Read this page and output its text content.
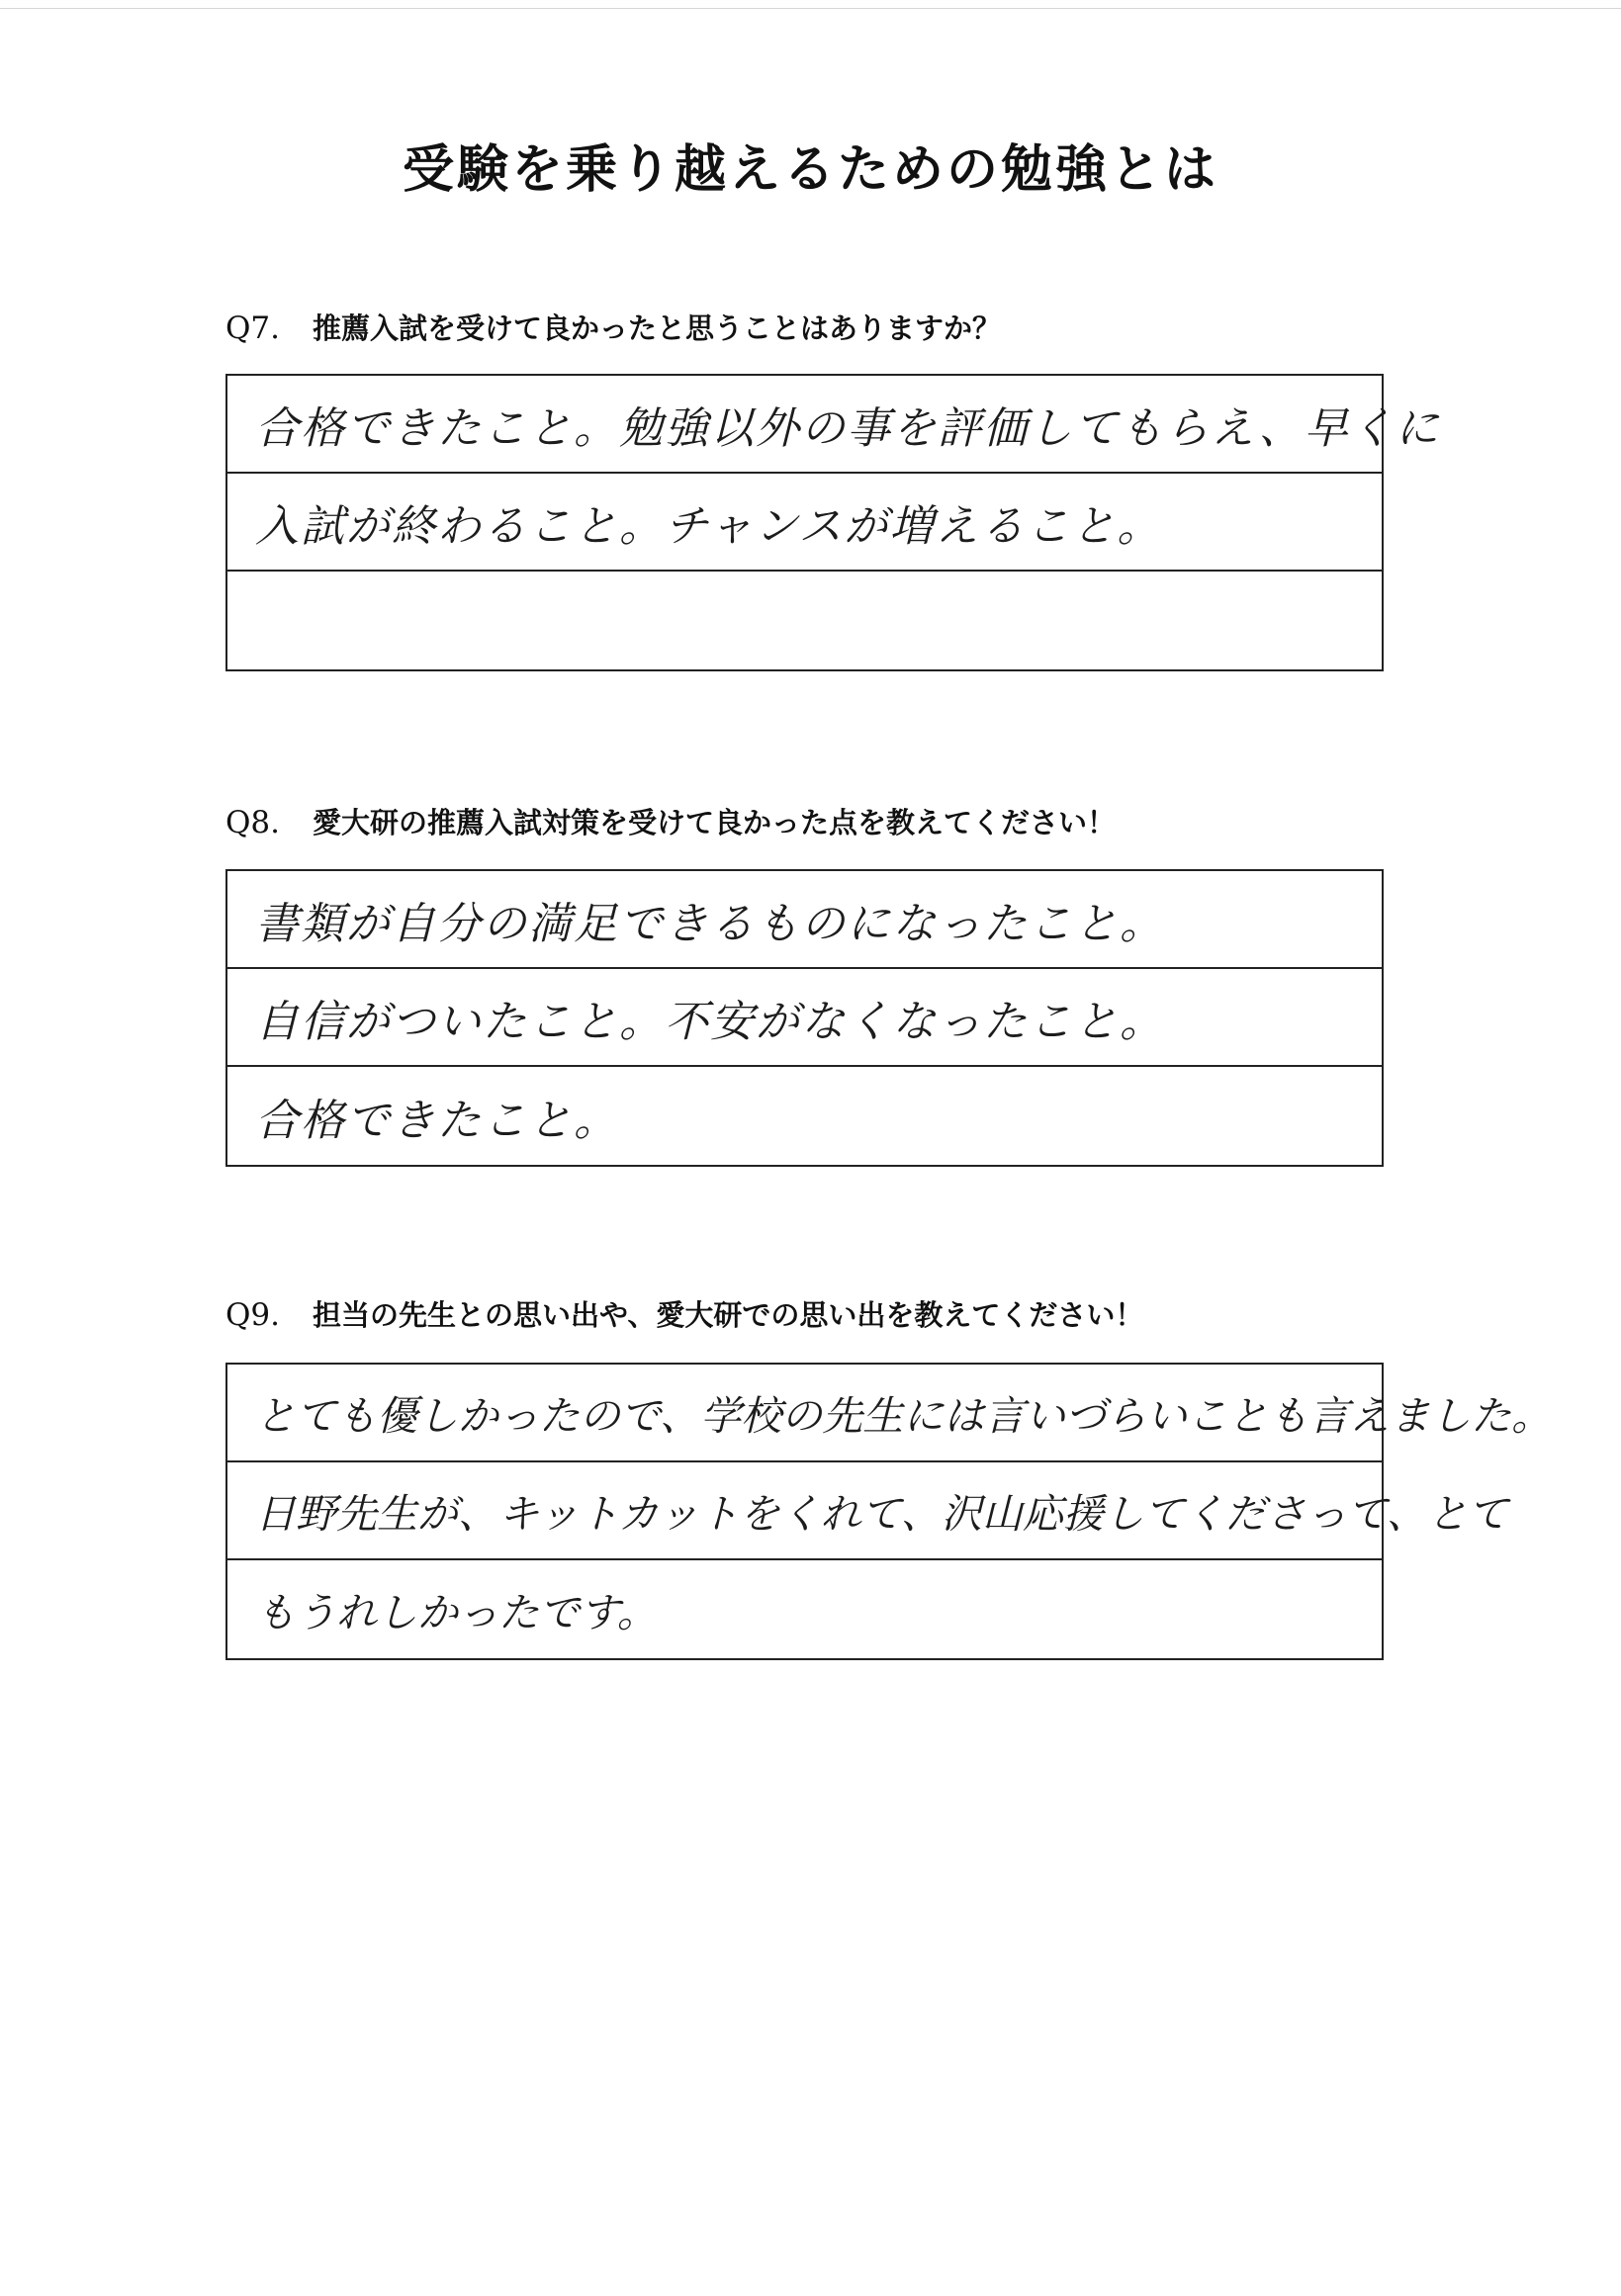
受験を乗り越えるための勉強とは
Q7. 推薦入試を受けて良かったと思うことはありますか？
合格できたこと。勉強以外の事を評価してもらえ、早くに
入試が終わること。チャンスが増えること。
Q8. 愛大研の推薦入試対策を受けて良かった点を教えてください！
書類が自分の満足できるものになったこと。
自信がついたこと。不安がなくなったこと。
合格できたこと。
Q9. 担当の先生との思い出や、愛大研での思い出を教えてください！
とても優しかったので、学校の先生には言いづらいことも言えました。
日野先生が、キットカットをくれて、沢山応援してくださって、とて
もうれしかったです。
